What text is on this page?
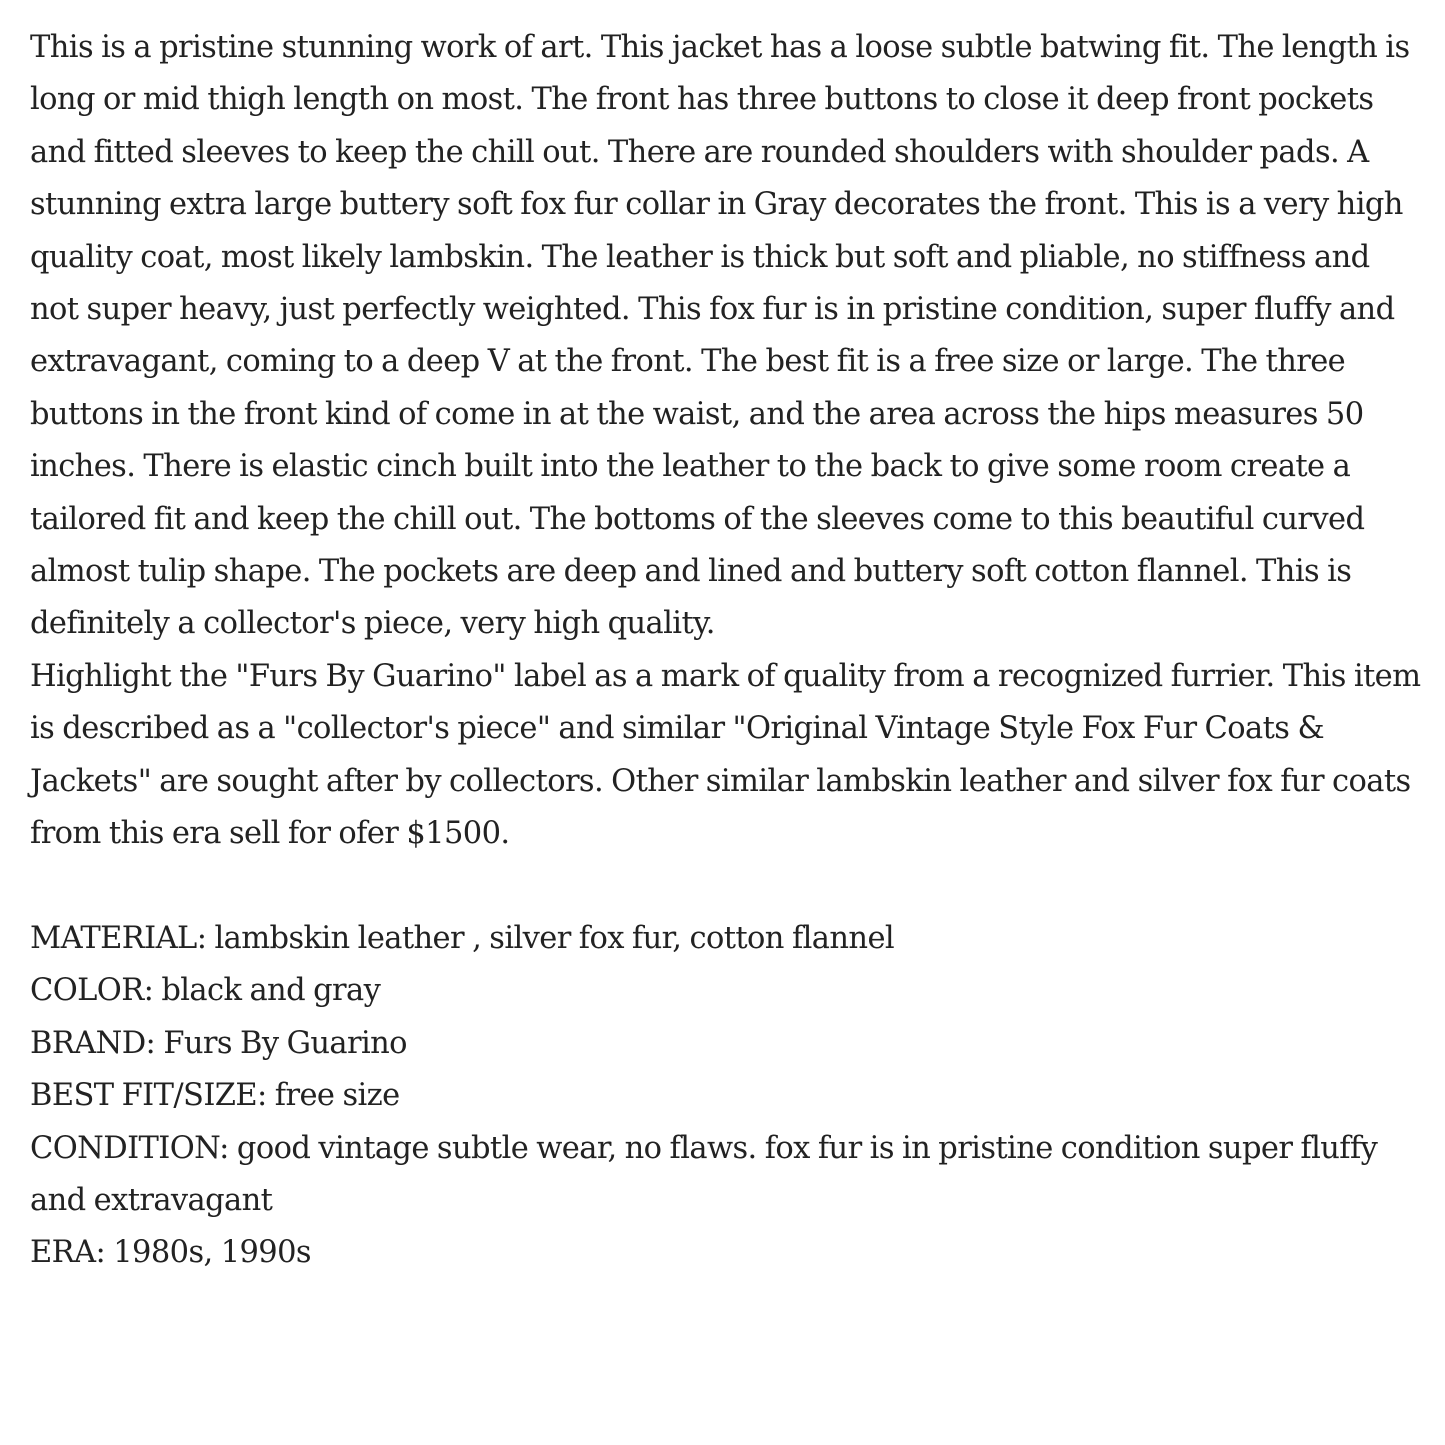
This is a pristine stunning work of art. This jacket has a loose subtle batwing fit. The length is long or mid thigh length on most. The front has three buttons to close it deep front pockets and fitted sleeves to keep the chill out. There are rounded shoulders with shoulder pads. A stunning extra large buttery soft fox fur collar in Gray decorates the front. This is a very high quality coat, most likely lambskin. The leather is thick but soft and pliable, no stiffness and not super heavy, just perfectly weighted. This fox fur is in pristine condition, super fluffy and extravagant, coming to a deep V at the front. The best fit is a free size or large. The three buttons in the front kind of come in at the waist, and the area across the hips measures 50 inches. There is elastic cinch built into the leather to the back to give some room create a tailored fit and keep the chill out. The bottoms of the sleeves come to this beautiful curved almost tulip shape. The pockets are deep and lined and buttery soft cotton flannel. This is definitely a collector's piece, very high quality.

Highlight the "Furs By Guarino" label as a mark of quality from a recognized furrier. This item is described as a "collector's piece" and similar "Original Vintage Style Fox Fur Coats & Jackets" are sought after by collectors. Other similar lambskin leather and silver fox fur coats from this era sell for ofer $1500.

MATERIAL: lambskin leather , silver fox fur, cotton flannel

COLOR: black and gray

BRAND: Furs By Guarino

BEST FIT/SIZE: free size

CONDITION: good vintage subtle wear, no flaws. fox fur is in pristine condition super fluffy and extravagant

ERA: 1980s, 1990s
